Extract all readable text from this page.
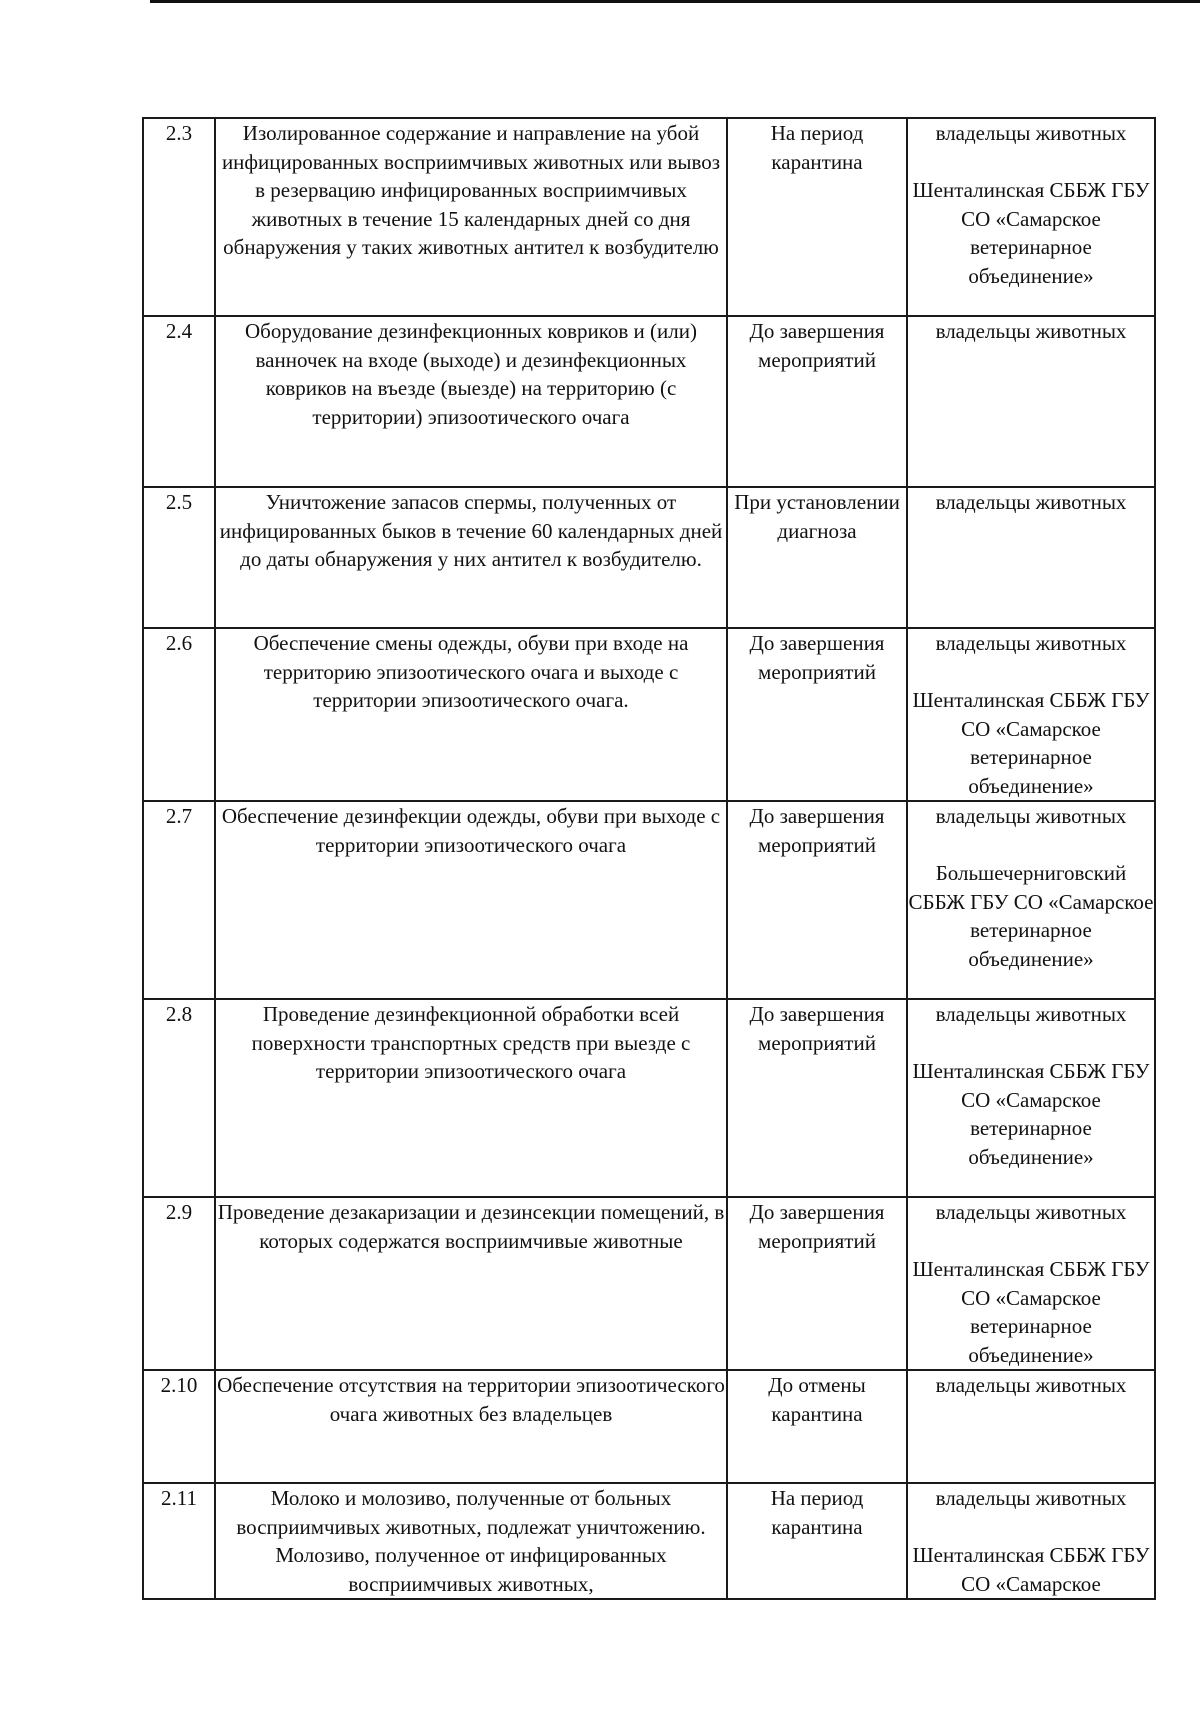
2.3	Изолированное содержание и направление на убой инфицированных восприимчивых животных или вывоз в резервацию инфицированных восприимчивых животных в течение 15 календарных дней со дня обнаружения у таких животных антител к возбудителю	На период карантина	владельцы животных
Шенталинская СББЖ ГБУ СО «Самарское ветеринарное объединение»

2.4	Оборудование дезинфекционных ковриков и (или) ванночек на входе (выходе) и дезинфекционных ковриков на въезде (выезде) на территорию (с территории) эпизоотического очага	До завершения мероприятий	владельцы животных

2.5	Уничтожение запасов спермы, полученных от инфицированных быков в течение 60 календарных дней до даты обнаружения у них антител к возбудителю.	При установлении диагноза	владельцы животных

2.6	Обеспечение смены одежды, обуви при входе на территорию эпизоотического очага и выходе с территории эпизоотического очага.	До завершения мероприятий	владельцы животных
Шенталинская СББЖ ГБУ СО «Самарское ветеринарное объединение»

2.7	Обеспечение дезинфекции одежды, обуви при выходе с территории эпизоотического очага	До завершения мероприятий	владельцы животных
Большечерниговский СББЖ ГБУ СО «Самарское ветеринарное объединение»

2.8	Проведение дезинфекционной обработки всей поверхности транспортных средств при выезде с территории эпизоотического очага	До завершения мероприятий	владельцы животных
Шенталинская СББЖ ГБУ СО «Самарское ветеринарное объединение»

2.9	Проведение дезакаризации и дезинсекции помещений, в которых содержатся восприимчивые животные	До завершения мероприятий	владельцы животных
Шенталинская СББЖ ГБУ СО «Самарское ветеринарное объединение»

2.10	Обеспечение отсутствия на территории эпизоотического очага животных без владельцев	До отмены карантина	владельцы животных

2.11	Молоко и молозиво, полученные от больных восприимчивых животных, подлежат уничтожению. Молозиво, полученное от инфицированных восприимчивых животных,	На период карантина	владельцы животных
Шенталинская СББЖ ГБУ СО «Самарское
